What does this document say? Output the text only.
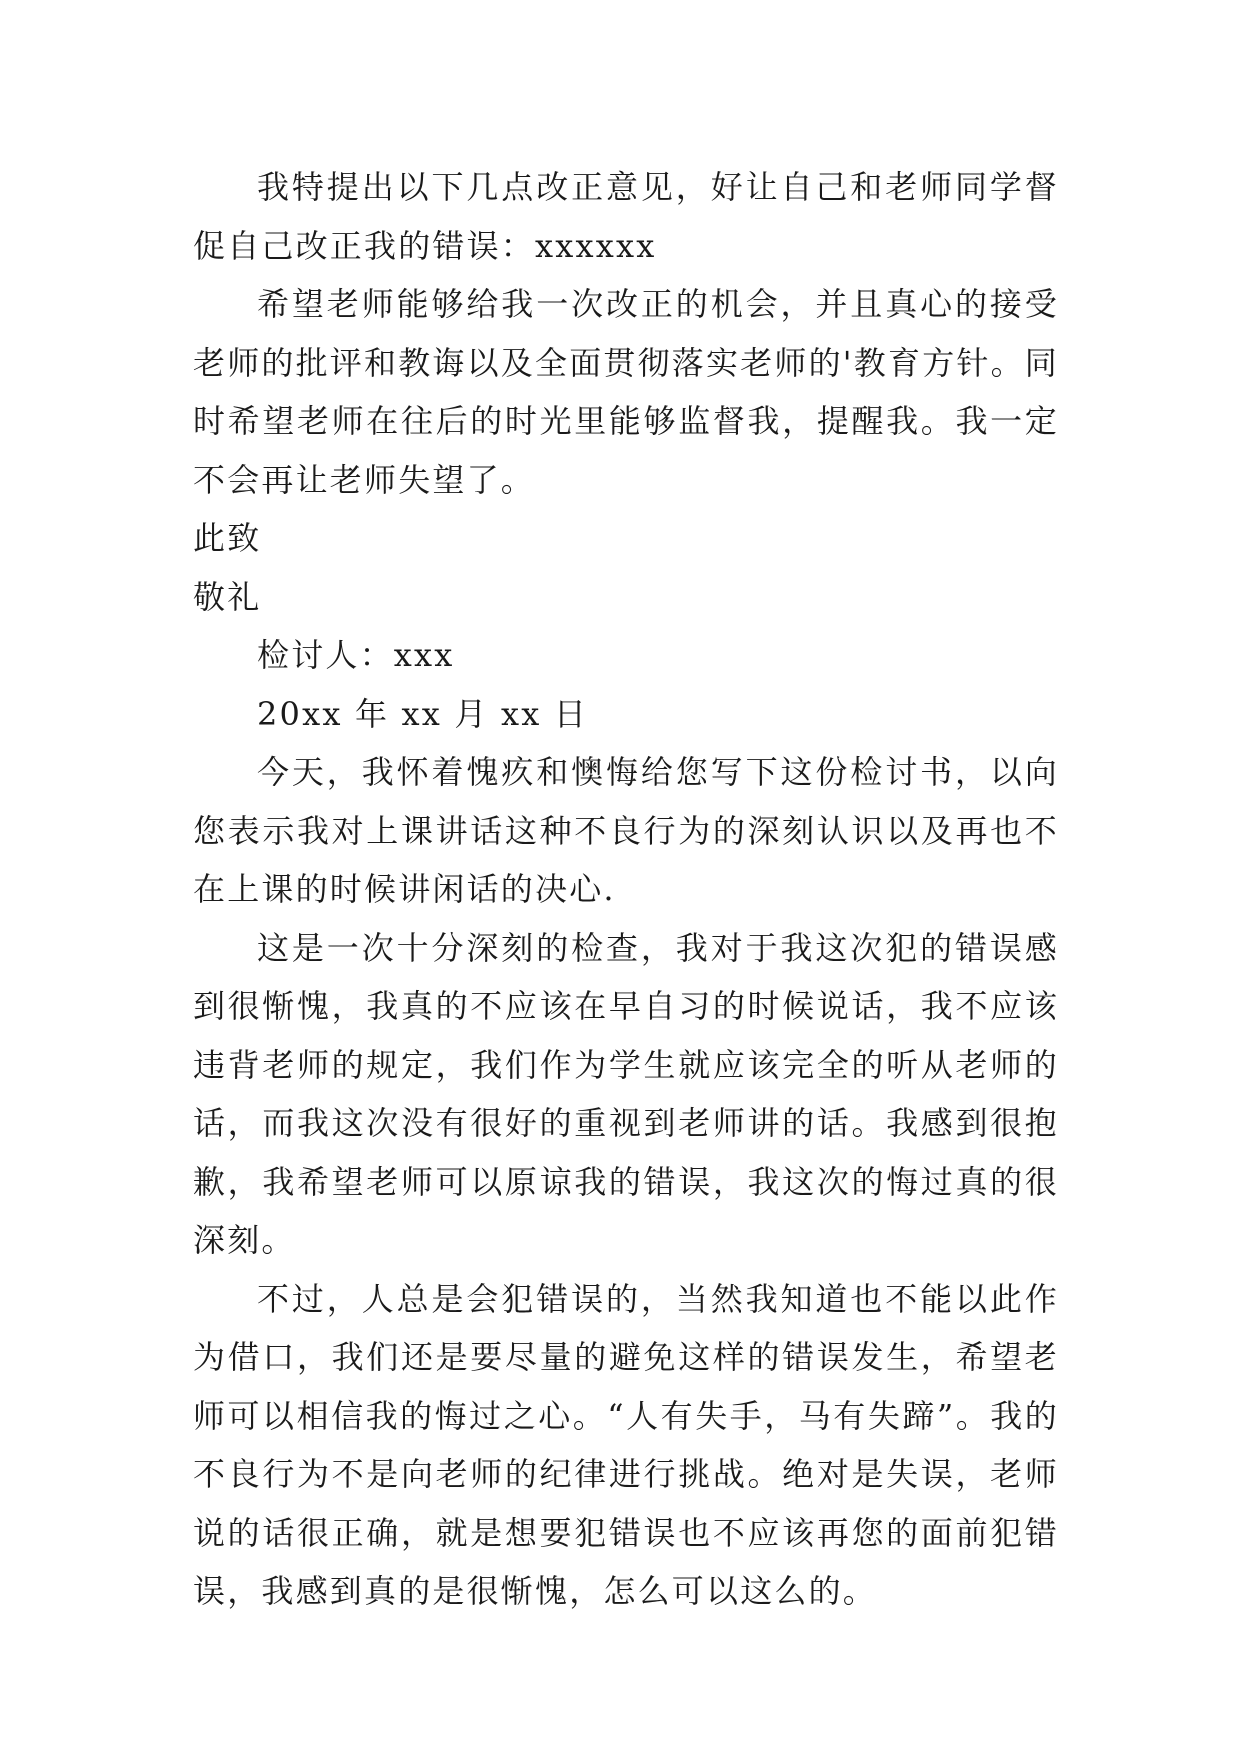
我特提出以下几点改正意见，好让自己和老师同学督促自己改正我的错误：xxxxxx

希望老师能够给我一次改正的机会，并且真心的接受老师的批评和教诲以及全面贯彻落实老师的'教育方针。同时希望老师在往后的时光里能够监督我，提醒我。我一定不会再让老师失望了。

此致

敬礼

检讨人：xxx

20xx 年 xx 月 xx 日

今天，我怀着愧疚和懊悔给您写下这份检讨书，以向您表示我对上课讲话这种不良行为的深刻认识以及再也不在上课的时候讲闲话的决心.

这是一次十分深刻的检查，我对于我这次犯的错误感到很惭愧，我真的不应该在早自习的时候说话，我不应该违背老师的规定，我们作为学生就应该完全的听从老师的话，而我这次没有很好的重视到老师讲的话。我感到很抱歉，我希望老师可以原谅我的错误，我这次的悔过真的很深刻。

不过，人总是会犯错误的，当然我知道也不能以此作为借口，我们还是要尽量的避免这样的错误发生，希望老师可以相信我的悔过之心。“人有失手，马有失蹄”。我的不良行为不是向老师的纪律进行挑战。绝对是失误，老师说的话很正确，就是想要犯错误也不应该再您的面前犯错误，我感到真的是很惭愧，怎么可以这么的。
